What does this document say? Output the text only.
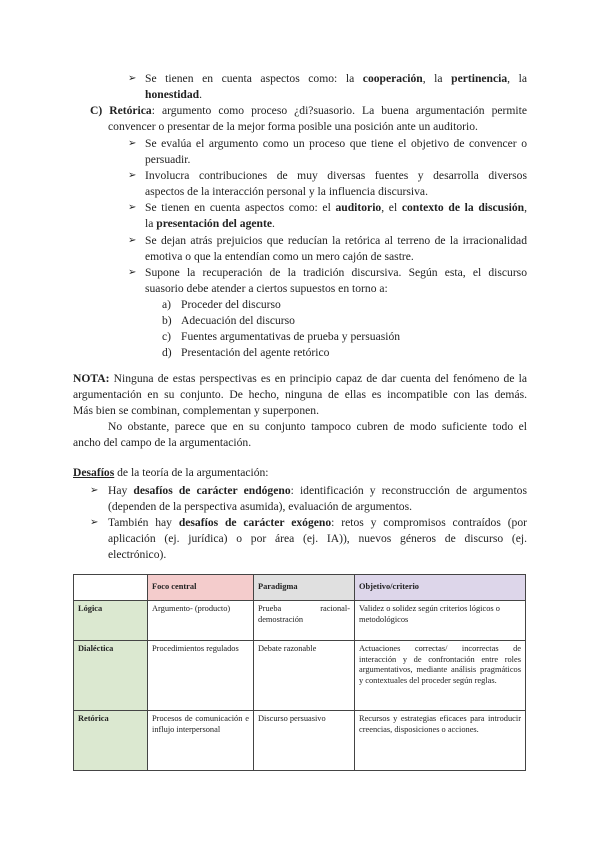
➢ Se tienen en cuenta aspectos como: la cooperación, la pertinencia, la
honestidad.
C) Retórica: argumento como proceso ¿di?suasorio. La buena argumentación permite
convencer o presentar de la mejor forma posible una posición ante un auditorio.
➢ Se evalúa el argumento como un proceso que tiene el objetivo de convencer o
persuadir.
➢ Involucra contribuciones de muy diversas fuentes y desarrolla diversos
aspectos de la interacción personal y la influencia discursiva.
➢ Se tienen en cuenta aspectos como: el auditorio, el contexto de la discusión,
la presentación del agente.
➢ Se dejan atrás prejuicios que reducían la retórica al terreno de la irracionalidad
emotiva o que la entendían como un mero cajón de sastre.
➢ Supone la recuperación de la tradición discursiva. Según esta, el discurso
suasorio debe atender a ciertos supuestos en torno a:
a) Proceder del discurso
b) Adecuación del discurso
c) Fuentes argumentativas de prueba y persuasión
d) Presentación del agente retórico
NOTA: Ninguna de estas perspectivas es en principio capaz de dar cuenta del fenómeno de la
argumentación en su conjunto. De hecho, ninguna de ellas es incompatible con las demás.
Más bien se combinan, complementan y superponen.
No obstante, parece que en su conjunto tampoco cubren de modo suficiente todo el
ancho del campo de la argumentación.
Desafíos de la teoría de la argumentación:
➢ Hay desafíos de carácter endógeno: identificación y reconstrucción de argumentos
(dependen de la perspectiva asumida), evaluación de argumentos.
➢ También hay desafíos de carácter exógeno: retos y compromisos contraídos (por
aplicación (ej. jurídica) o por área (ej. IA)), nuevos géneros de discurso (ej.
electrónico).
	Foco central	Paradigma	Objetivo/criterio
Lógica	Argumento- (producto)	Prueba racional-demostración	Validez o solidez según criterios lógicos o metodológicos
Dialéctica	Procedimientos regulados	Debate razonable	Actuaciones correctas/ incorrectas de interacción y de confrontación entre roles argumentativos, mediante análisis pragmáticos y contextuales del proceder según reglas.
Retórica	Procesos de comunicación e influjo interpersonal	Discurso persuasivo	Recursos y estrategias eficaces para introducir creencias, disposiciones o acciones.
